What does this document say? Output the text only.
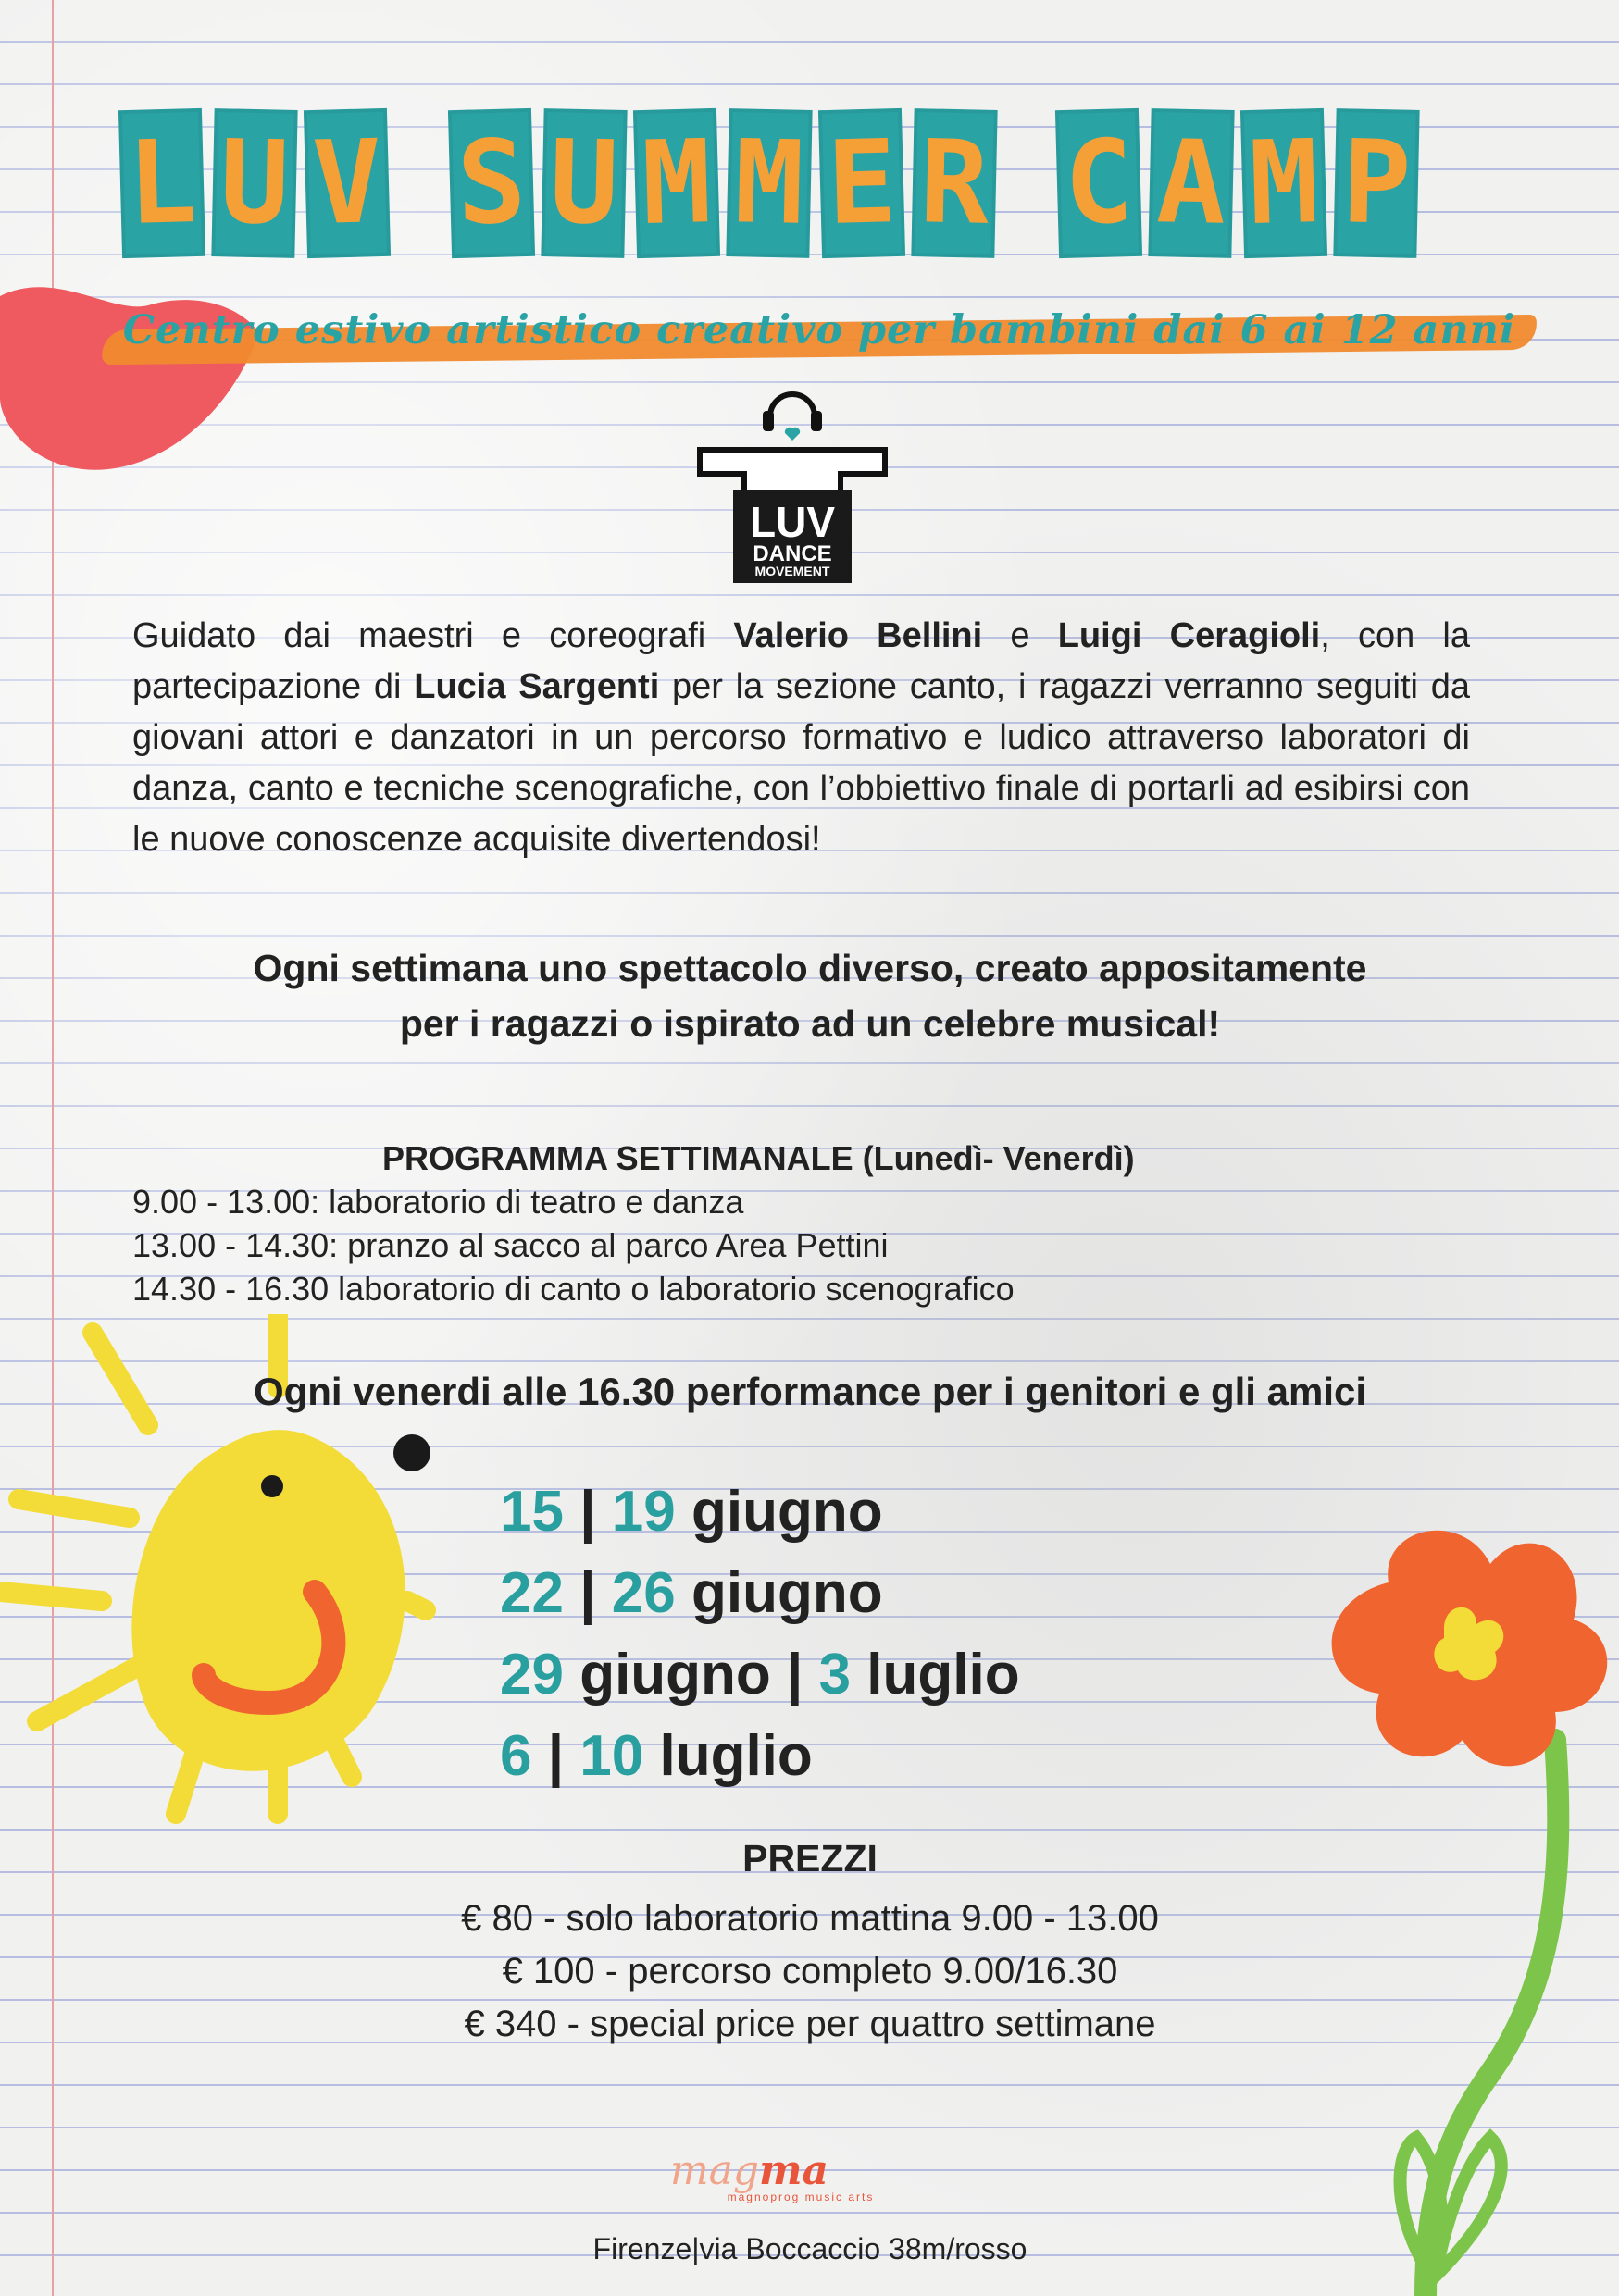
L U V S U M M E R C A M P
Centro estivo artistico creativo per bambini dai 6 ai 12 anni
LUV
DANCE
MOVEMENT
Guidato dai maestri e coreografi Valerio Bellini e Luigi Ceragioli, con la partecipazione di Lucia Sargenti per la sezione canto, i ragazzi verranno seguiti da giovani attori e danzatori in un percorso formativo e ludico attraverso laboratori di danza, canto e tecniche scenografiche, con l’obbiettivo finale di portarli ad esibirsi con le nuove conoscenze acquisite divertendosi!
Ogni settimana uno spettacolo diverso, creato appositamente
per i ragazzi o ispirato ad un celebre musical!
PROGRAMMA SETTIMANALE (Lunedì- Venerdì)
9.00 - 13.00: laboratorio di teatro e danza
13.00 - 14.30: pranzo al sacco al parco Area Pettini
14.30 - 16.30 laboratorio di canto o laboratorio scenografico
Ogni venerdi alle 16.30 performance per i genitori e gli amici
15 | 19 giugno
22 | 26 giugno
29 giugno | 3 luglio
6 | 10 luglio
PREZZI
€ 80 - solo laboratorio mattina 9.00 - 13.00
€ 100 - percorso completo 9.00/16.30
€ 340 - special price per quattro settimane
mag ma
magnoprog music arts
Firenze|via Boccaccio 38m/rosso
